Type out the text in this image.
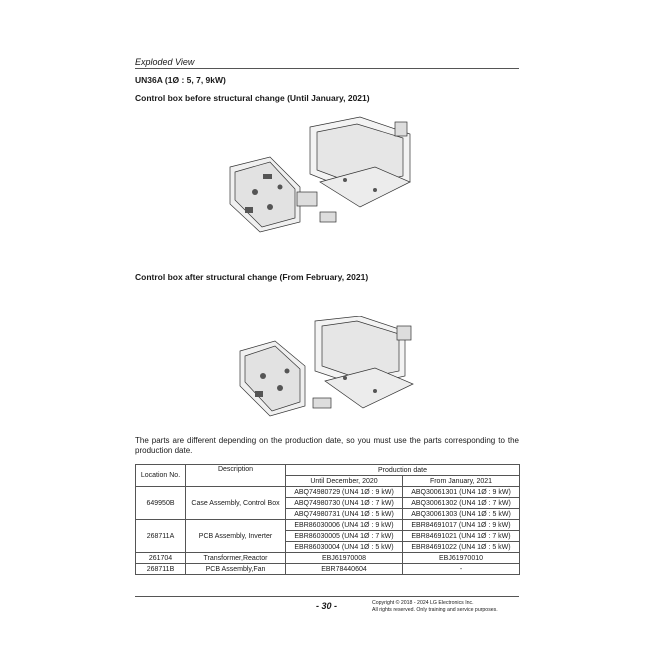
Exploded View
UN36A (1Ø : 5, 7, 9kW)
Control box before structural change (Until January, 2021)
Control box after structural change (From February, 2021)
The parts are different depending on the production date, so you must use the parts corresponding to the production date.
Location No.	Description	Production date	
		Until December, 2020	From January, 2021
649950B	Case Assembly, Control Box	ABQ74980729 (UN4 1Ø : 9 kW)	ABQ30061301 (UN4 1Ø : 9 kW)
		ABQ74980730 (UN4 1Ø : 7 kW)	ABQ30061302 (UN4 1Ø : 7 kW)
		ABQ74980731 (UN4 1Ø : 5 kW)	ABQ30061303 (UN4 1Ø : 5 kW)
268711A	PCB Assembly, Inverter	EBR86030006 (UN4 1Ø : 9 kW)	EBR84691017 (UN4 1Ø : 9 kW)
		EBR86030005 (UN4 1Ø : 7 kW)	EBR84691021 (UN4 1Ø : 7 kW)
		EBR86030004 (UN4 1Ø : 5 kW)	EBR84691022 (UN4 1Ø : 5 kW)
261704	Transformer,Reactor	EBJ61970008	EBJ61970010
268711B	PCB Assembly,Fan	EBR78440604	-
- 30 -	Copyright © 2018 - 2024 LG Electronics Inc.
All rights reserved. Only training and service purposes.
